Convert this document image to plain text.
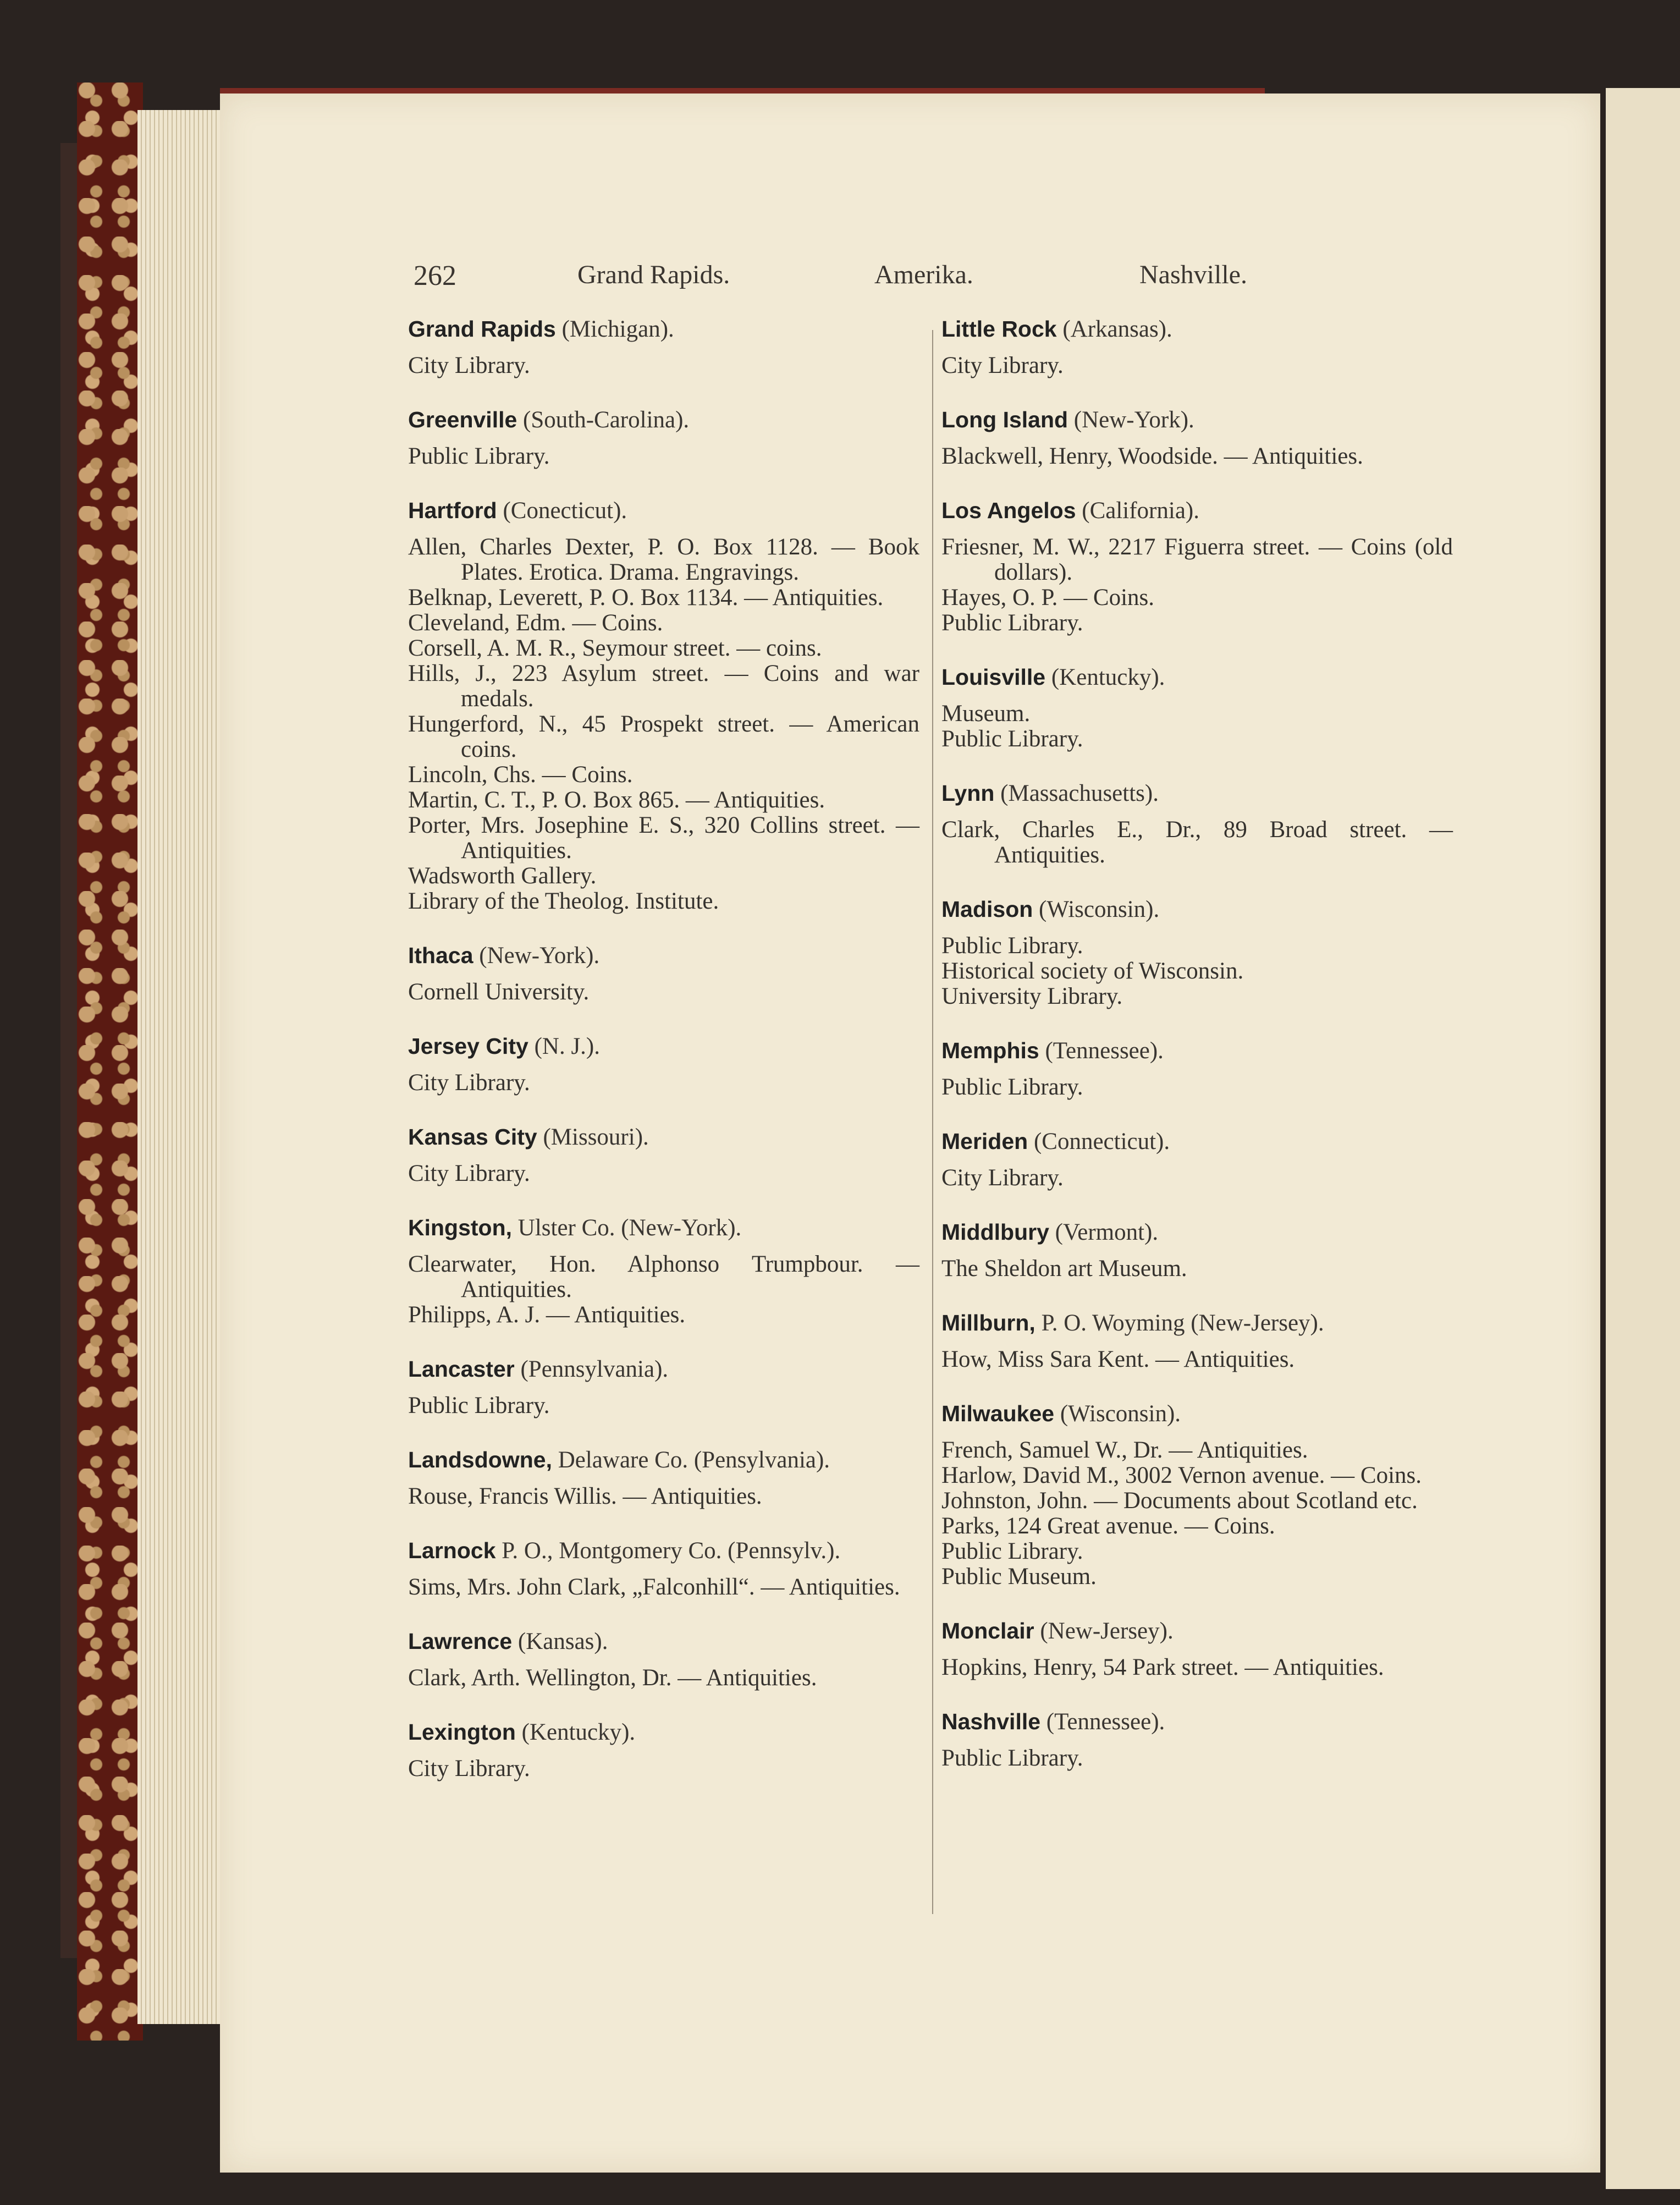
262	Grand Rapids.	Amerika.	Nashville.
Grand Rapids (Michigan).
City Library.
Greenville (South-Carolina).
Public Library.
Hartford (Conecticut).
Allen, Charles Dexter, P. O. Box 1128. — Book Plates. Erotica. Drama. Engravings.
Belknap, Leverett, P. O. Box 1134. — Antiquities.
Cleveland, Edm. — Coins.
Corsell, A. M. R., Seymour street. — coins.
Hills, J., 223 Asylum street. — Coins and war medals.
Hungerford, N., 45 Prospekt street. — American coins.
Lincoln, Chs. — Coins.
Martin, C. T., P. O. Box 865. — Antiquities.
Porter, Mrs. Josephine E. S., 320 Collins street. — Antiquities.
Wadsworth Gallery.
Library of the Theolog. Institute.
Ithaca (New-York).
Cornell University.
Jersey City (N. J.).
City Library.
Kansas City (Missouri).
City Library.
Kingston, Ulster Co. (New-York).
Clearwater, Hon. Alphonso Trumpbour. — Antiquities.
Philipps, A. J. — Antiquities.
Lancaster (Pennsylvania).
Public Library.
Landsdowne, Delaware Co. (Pensylvania).
Rouse, Francis Willis. — Antiquities.
Larnock P. O., Montgomery Co. (Pennsylv.).
Sims, Mrs. John Clark, „Falconhill“. — Antiquities.
Lawrence (Kansas).
Clark, Arth. Wellington, Dr. — Antiquities.
Lexington (Kentucky).
City Library.
Little Rock (Arkansas).
City Library.
Long Island (New-York).
Blackwell, Henry, Woodside. — Antiquities.
Los Angelos (California).
Friesner, M. W., 2217 Figuerra street. — Coins (old dollars).
Hayes, O. P. — Coins.
Public Library.
Louisville (Kentucky).
Museum.
Public Library.
Lynn (Massachusetts).
Clark, Charles E., Dr., 89 Broad street. — Antiquities.
Madison (Wisconsin).
Public Library.
Historical society of Wisconsin.
University Library.
Memphis (Tennessee).
Public Library.
Meriden (Connecticut).
City Library.
Middlbury (Vermont).
The Sheldon art Museum.
Millburn, P. O. Woyming (New-Jersey).
How, Miss Sara Kent. — Antiquities.
Milwaukee (Wisconsin).
French, Samuel W., Dr. — Antiquities.
Harlow, David M., 3002 Vernon avenue. — Coins.
Johnston, John. — Documents about Scotland etc.
Parks, 124 Great avenue. — Coins.
Public Library.
Public Museum.
Monclair (New-Jersey).
Hopkins, Henry, 54 Park street. — Antiquities.
Nashville (Tennessee).
Public Library.
